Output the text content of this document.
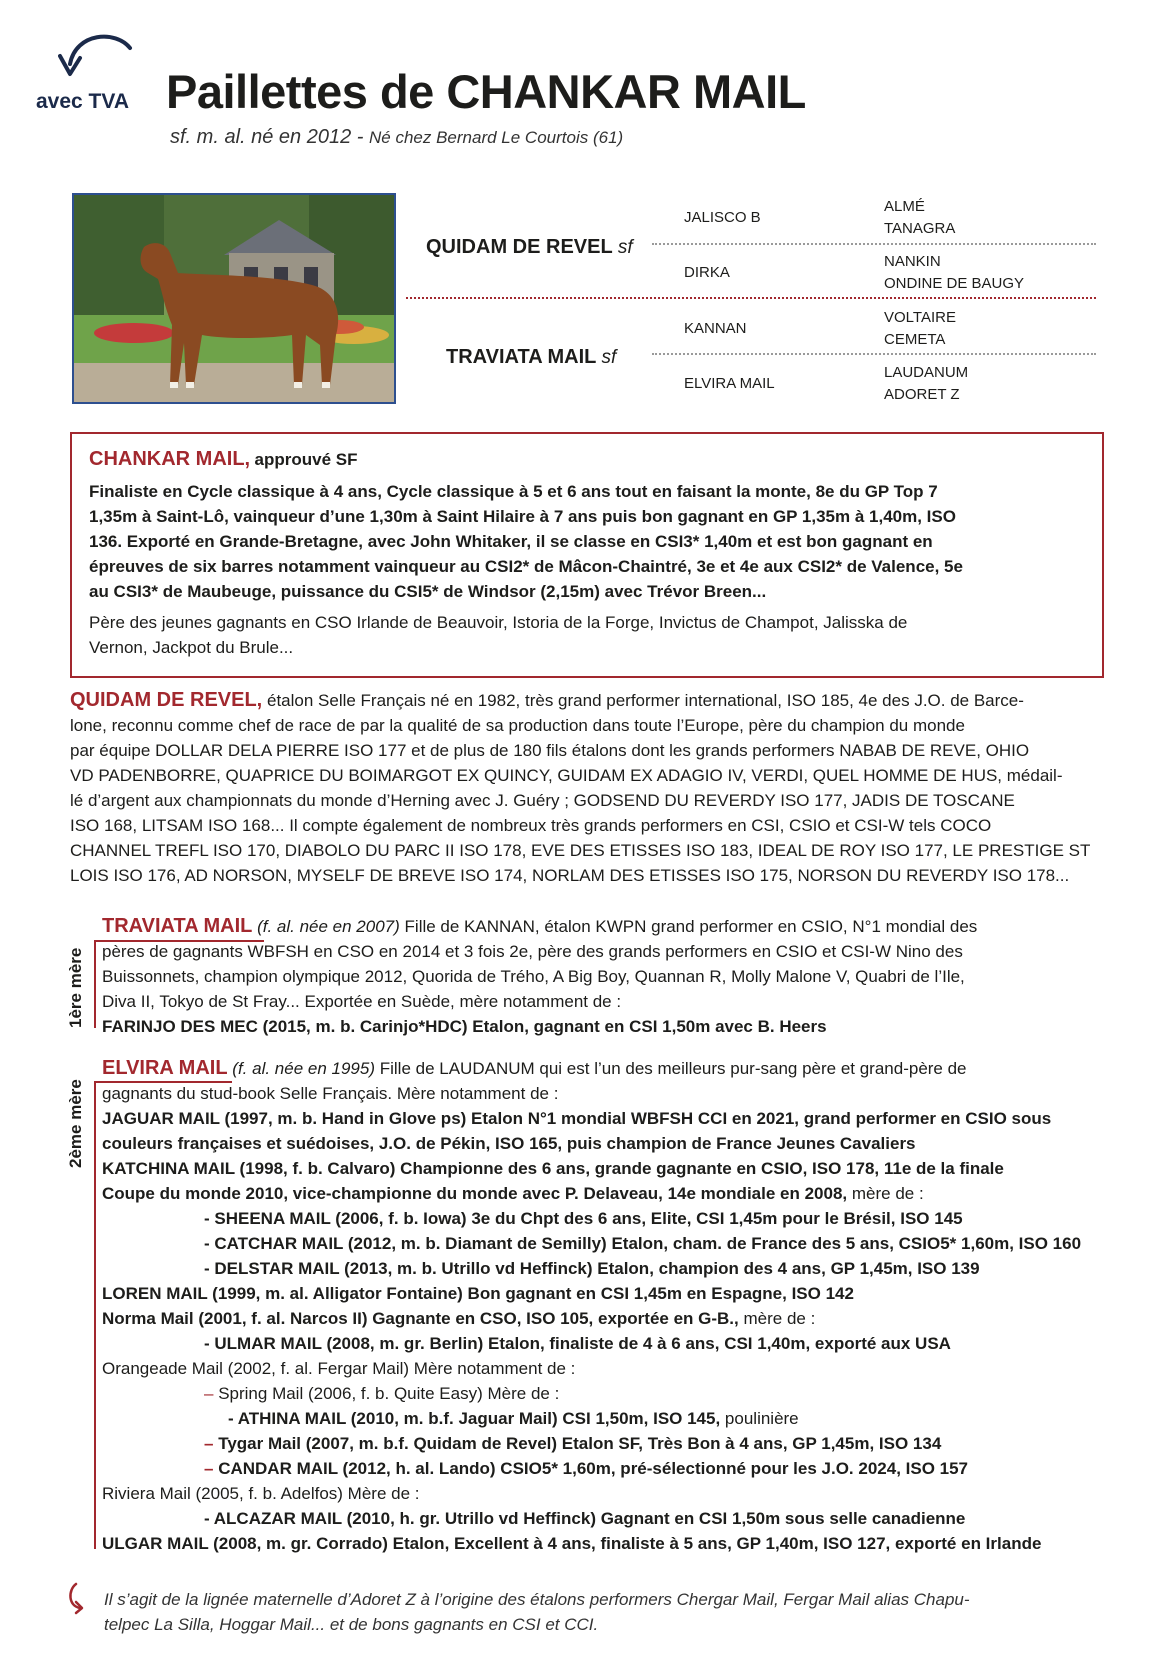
avec TVA Paillettes de CHANKAR MAIL
sf. m. al. né en 2012 - Né chez Bernard Le Courtois (61)
QUIDAM DE REVEL sf
TRAVIATA MAIL sf
JALISCO B
DIRKA
KANNAN
ELVIRA MAIL
ALMÉ
TANAGRA
NANKIN
ONDINE DE BAUGY
VOLTAIRE
CEMETA
LAUDANUM
ADORET Z
CHANKAR MAIL, approuvé SF
Finaliste en Cycle classique à 4 ans, Cycle classique à 5 et 6 ans tout en faisant la monte, 8e du GP Top 7
1,35m à Saint-Lô, vainqueur d’une 1,30m à Saint Hilaire à 7 ans puis bon gagnant en GP 1,35m à 1,40m, ISO
136. Exporté en Grande-Bretagne, avec John Whitaker, il se classe en CSI3* 1,40m et est bon gagnant en
épreuves de six barres notamment vainqueur au CSI2* de Mâcon-Chaintré, 3e et 4e aux CSI2* de Valence, 5e
au CSI3* de Maubeuge, puissance du CSI5* de Windsor (2,15m) avec Trévor Breen...
Père des jeunes gagnants en CSO Irlande de Beauvoir, Istoria de la Forge, Invictus de Champot, Jalisska de
Vernon, Jackpot du Brule...
QUIDAM DE REVEL, étalon Selle Français né en 1982, très grand performer international, ISO 185, 4e des J.O. de Barce-
lone, reconnu comme chef de race de par la qualité de sa production dans toute l’Europe, père du champion du monde
par équipe DOLLAR DELA PIERRE ISO 177 et de plus de 180 fils étalons dont les grands performers NABAB DE REVE, OHIO
VD PADENBORRE, QUAPRICE DU BOIMARGOT EX QUINCY, GUIDAM EX ADAGIO IV, VERDI, QUEL HOMME DE HUS, médail-
lé d’argent aux championnats du monde d’Herning avec J. Guéry ; GODSEND DU REVERDY ISO 177, JADIS DE TOSCANE
ISO 168, LITSAM ISO 168... Il compte également de nombreux très grands performers en CSI, CSIO et CSI-W tels COCO
CHANNEL TREFL ISO 170, DIABOLO DU PARC II ISO 178, EVE DES ETISSES ISO 183, IDEAL DE ROY ISO 177, LE PRESTIGE ST
LOIS ISO 176, AD NORSON, MYSELF DE BREVE ISO 174, NORLAM DES ETISSES ISO 175, NORSON DU REVERDY ISO 178...
1ère mère
TRAVIATA MAIL (f. al. née en 2007) Fille de KANNAN, étalon KWPN grand performer en CSIO, N°1 mondial des
pères de gagnants WBFSH en CSO en 2014 et 3 fois 2e, père des grands performers en CSIO et CSI-W Nino des
Buissonnets, champion olympique 2012, Quorida de Trého, A Big Boy, Quannan R, Molly Malone V, Quabri de l’Ile,
Diva II, Tokyo de St Fray... Exportée en Suède, mère notamment de :
FARINJO DES MEC (2015, m. b. Carinjo*HDC) Etalon, gagnant en CSI 1,50m avec B. Heers
2ème mère
ELVIRA MAIL (f. al. née en 1995) Fille de LAUDANUM qui est l’un des meilleurs pur-sang père et grand-père de
gagnants du stud-book Selle Français. Mère notamment de :
JAGUAR MAIL (1997, m. b. Hand in Glove ps) Etalon N°1 mondial WBFSH CCI en 2021, grand performer en CSIO sous
couleurs françaises et suédoises, J.O. de Pékin, ISO 165, puis champion de France Jeunes Cavaliers
KATCHINA MAIL (1998, f. b. Calvaro) Championne des 6 ans, grande gagnante en CSIO, ISO 178, 11e de la finale
Coupe du monde 2010, vice-championne du monde avec P. Delaveau, 14e mondiale en 2008, mère de :
- SHEENA MAIL (2006, f. b. Iowa) 3e du Chpt des 6 ans, Elite, CSI 1,45m pour le Brésil, ISO 145
- CATCHAR MAIL (2012, m. b. Diamant de Semilly) Etalon, cham. de France des 5 ans, CSIO5* 1,60m, ISO 160
- DELSTAR MAIL (2013, m. b. Utrillo vd Heffinck) Etalon, champion des 4 ans, GP 1,45m, ISO 139
LOREN MAIL (1999, m. al. Alligator Fontaine) Bon gagnant en CSI 1,45m en Espagne, ISO 142
Norma Mail (2001, f. al. Narcos II) Gagnante en CSO, ISO 105, exportée en G-B., mère de :
- ULMAR MAIL (2008, m. gr. Berlin) Etalon, finaliste de 4 à 6 ans, CSI 1,40m, exporté aux USA
Orangeade Mail (2002, f. al. Fergar Mail) Mère notamment de :
– Spring Mail (2006, f. b. Quite Easy) Mère de :
- ATHINA MAIL (2010, m. b.f. Jaguar Mail) CSI 1,50m, ISO 145, poulinière
– Tygar Mail (2007, m. b.f. Quidam de Revel) Etalon SF, Très Bon à 4 ans, GP 1,45m, ISO 134
– CANDAR MAIL (2012, h. al. Lando) CSIO5* 1,60m, pré-sélectionné pour les J.O. 2024, ISO 157
Riviera Mail (2005, f. b. Adelfos) Mère de :
- ALCAZAR MAIL (2010, h. gr. Utrillo vd Heffinck) Gagnant en CSI 1,50m sous selle canadienne
ULGAR MAIL (2008, m. gr. Corrado) Etalon, Excellent à 4 ans, finaliste à 5 ans, GP 1,40m, ISO 127, exporté en Irlande
Il s’agit de la lignée maternelle d’Adoret Z à l’origine des étalons performers Chergar Mail, Fergar Mail alias Chapu-
telpec La Silla, Hoggar Mail... et de bons gagnants en CSI et CCI.
